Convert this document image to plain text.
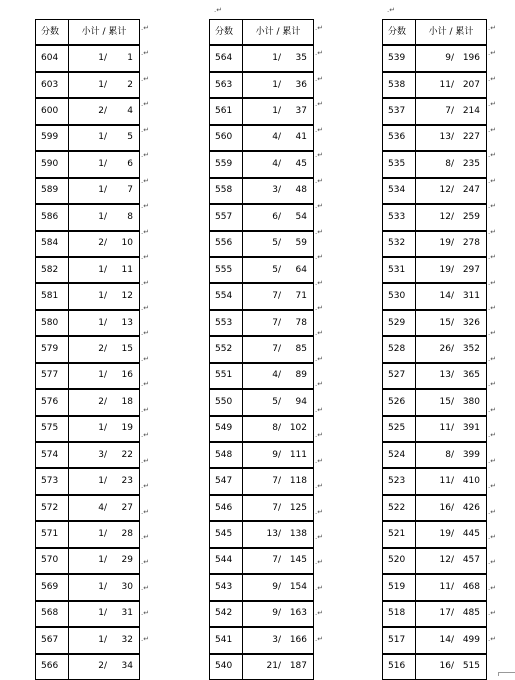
.↵	.↵
分数	小计 / 累计
604	1/ 1

603	1/ 2

600	2/ 4

599	1/ 5

590	1/ 6

589	1/ 7

586	1/ 8

584	2/ 10

582	1/ 11

581	1/ 12

580	1/ 13

579	2/ 15

577	1/ 16

576	2/ 18

575	1/ 19

574	3/ 22

573	1/ 23

572	4/ 27

571	1/ 28

570	1/ 29

569	1/ 30

568	1/ 31

567	1/ 32

566	2/ 34
分数	小计 / 累计
564	1/ 35

563	1/ 36

561	1/ 37

560	4/ 41

559	4/ 45

558	3/ 48

557	6/ 54

556	5/ 59

555	5/ 64

554	7/ 71

553	7/ 78

552	7/ 85

551	4/ 89

550	5/ 94

549	8/ 102

548	9/ 111

547	7/ 118

546	7/ 125

545	13/ 138

544	7/ 145

543	9/ 154

542	9/ 163

541	3/ 166

540	21/ 187
分数	小计 / 累计
539	9/ 196

538	11/ 207

537	7/ 214

536	13/ 227

535	8/ 235

534	12/ 247

533	12/ 259

532	19/ 278

531	19/ 297

530	14/ 311

529	15/ 326

528	26/ 352

527	13/ 365

526	15/ 380

525	11/ 391

524	8/ 399

523	11/ 410

522	16/ 426

521	19/ 445

520	12/ 457

519	11/ 468

518	17/ 485

517	14/ 499

516	16/ 515
.↵
.↵
.↵
.↵
.↵
.↵
.↵
.↵
.↵
.↵
.↵
.↵
.↵
.↵
.↵
.↵
.↵
.↵
.↵
.↵
.↵
.↵
.↵
.↵
.↵
.↵
.↵
.↵
.↵
.↵
.↵
.↵
.↵
.↵
.↵
.↵
.↵
.↵
.↵
.↵
.↵
.↵
.↵
.↵
.↵
.↵
.↵
.↵
.↵
.↵
.↵
.↵
.↵
.↵
.↵
.↵
.↵
.↵
.↵
.↵
.↵
.↵
.↵
.↵
.↵
.↵
.↵
.↵
.↵
.↵
.↵
.↵
.↵
.↵
.↵
